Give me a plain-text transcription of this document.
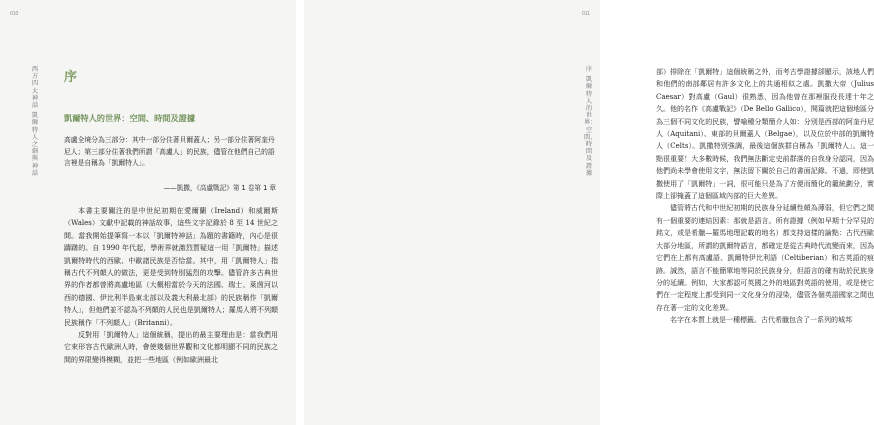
010
西方四大神話
凱爾特人之劍與神話
序
凱爾特人的世界：空間、時間及證據

高盧全境分為三部分：其中一部分住著貝爾蓋人；另一部分住著阿奎丹尼人；第三部分住著我們所謂「高盧人」的民族，儘管在他們自己的語言裡是自稱為「凱爾特人」。

——凱撒，《高盧戰記》第 1 卷第 1 章

本書主要關注的是中世紀初期在愛爾蘭（Ireland）和威爾斯（Wales）文獻中記載的神話故事，這些文字記錄於 8 至 14 世紀之間。當我開始提筆寫一本以「凱爾特神話」為題的書籍時，內心是很躊躇的。自 1990 年代起，學術界就激烈質疑這一用「凱爾特」描述凱爾特時代的西歐、中歐諸民族是否恰當。其中，用「凱爾特人」指稱古代不列顛人的做法，更是受到特別猛烈的攻擊。儘管許多古典世界的作者都曾將高盧地區（大概相當於今天的法國、瑞士、萊茵河以西的德國、伊比利半島東北部以及義大利最北部）的民族稱作「凱爾特人」，但他們並不認為不列顛的人民也是凱爾特人；羅馬人將不列顛民族稱作「不列顛人」（Britanni）。

反對用「凱爾特人」這個統稱，提出的最主要理由是：當我們用它來形容古代歐洲人時，會使幾個世界觀和文化都明顯不同的民族之間的界限變得模糊，並把一些地區（例如歐洲最北

011
序
凱爾特人的世界：空間、時間及證據

部）排除在「凱爾特」這個統稱之外，而考古學證據卻顯示，該地人們和他們的南部鄰居有許多文化上的共通相似之處。凱撒大帝（Julius Caesar）對高盧（Gaul）很熟悉，因為他曾在那裡服役長達十年之久。他的名作《高盧戰記》（De Bello Gallico），開篇就把這個地區分為三個不同文化的民族，譬喻種分類簡介人如：分別是西部的阿奎丹尼人（Aquitani）、東部的貝爾蓋人（Belgae），以及位於中部的凱爾特人（Celts）。凱撒特別強調，最後這個族群自稱為「凱爾特人」。這一點很重要！大多數時候，我們無法斷定史前群落的自我身分認同，因為他們尚未學會使用文字，無法留下關於自己的書面記錄。不過，即使凱撒使用了「凱爾特」一詞，很可能只是為了方便而簡化的籠統劃分，實際上卻掩蓋了這個區域內部的巨大差異。

儘管將古代和中世紀初期的民族身分延續性頗為薄弱，但它們之間有一個重要的連結因素：那就是語言。所有證據（例如早期十分罕見的銘文，或是希臘—羅馬地理記載的地名）都支持這樣的論點：古代西歐大部分地區，所謂的凱爾特語言，都確定是從古典時代流變而來，因為它們在上都有高盧語、凱爾特伊比利語（Celtiberian）和古英語的痕跡。誠然，語言不能簡單地等同於民族身分，但語言的確有助於民族身分的延續。例如，大家都認可英國之外的地區對英語的使用，或是使它們在一定程度上都受到同一文化身分的浸染，儘管各個英語國家之間也存在著一定的文化差異。

名字在本質上就是一種標籤。古代希臘包含了一系列的城邦
